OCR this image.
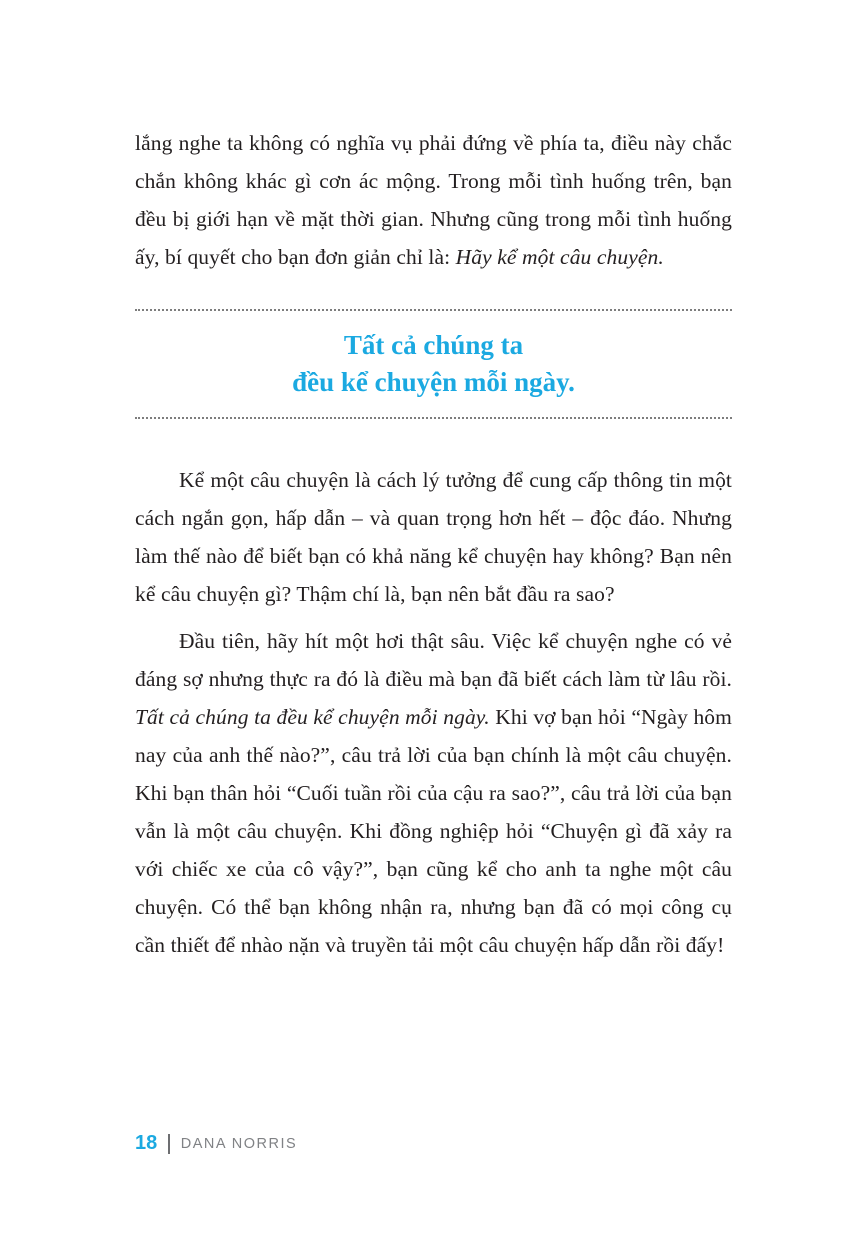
lắng nghe ta không có nghĩa vụ phải đứng về phía ta, điều này chắc chắn không khác gì cơn ác mộng. Trong mỗi tình huống trên, bạn đều bị giới hạn về mặt thời gian. Nhưng cũng trong mỗi tình huống ấy, bí quyết cho bạn đơn giản chỉ là: Hãy kể một câu chuyện.

Tất cả chúng ta
đều kể chuyện mỗi ngày.

Kể một câu chuyện là cách lý tưởng để cung cấp thông tin một cách ngắn gọn, hấp dẫn – và quan trọng hơn hết – độc đáo. Nhưng làm thế nào để biết bạn có khả năng kể chuyện hay không? Bạn nên kể câu chuyện gì? Thậm chí là, bạn nên bắt đầu ra sao?

Đầu tiên, hãy hít một hơi thật sâu. Việc kể chuyện nghe có vẻ đáng sợ nhưng thực ra đó là điều mà bạn đã biết cách làm từ lâu rồi. Tất cả chúng ta đều kể chuyện mỗi ngày. Khi vợ bạn hỏi “Ngày hôm nay của anh thế nào?”, câu trả lời của bạn chính là một câu chuyện. Khi bạn thân hỏi “Cuối tuần rồi của cậu ra sao?”, câu trả lời của bạn vẫn là một câu chuyện. Khi đồng nghiệp hỏi “Chuyện gì đã xảy ra với chiếc xe của cô vậy?”, bạn cũng kể cho anh ta nghe một câu chuyện. Có thể bạn không nhận ra, nhưng bạn đã có mọi công cụ cần thiết để nhào nặn và truyền tải một câu chuyện hấp dẫn rồi đấy!

18 DANA NORRIS
